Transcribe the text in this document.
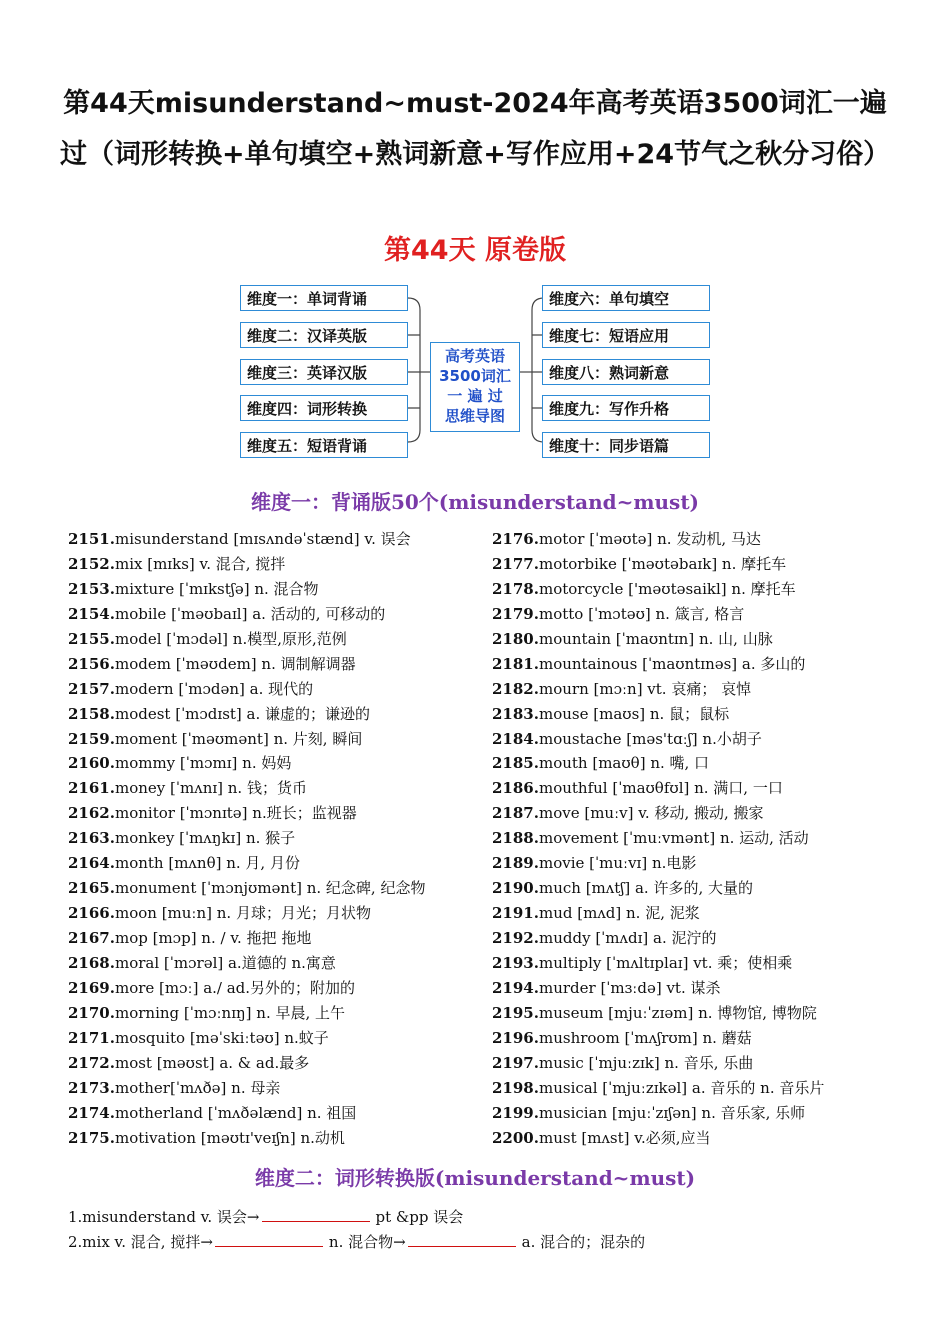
第44天misunderstand~must-2024年高考英语3500词汇一遍过（词形转换+单句填空+熟词新意+写作应用+24节气之秋分习俗）
第44天 原卷版
维度一：单词背诵
维度二：汉译英版
维度三：英译汉版
维度四：词形转换
维度五：短语背诵
维度六：单句填空
维度七：短语应用
维度八：熟词新意
维度九：写作升格
维度十：同步语篇
高考英语
3500词汇
一 遍 过
思维导图
维度一：背诵版50个(misunderstand~must)
2151.misunderstand [mɪsʌndəˈstænd] v. 误会
2152.mix [mɪks] v. 混合, 搅拌
2153.mixture [ˈmɪkstʃə] n. 混合物
2154.mobile [ˈməʊbaɪl] a. 活动的, 可移动的
2155.model [ˈmɔdəl] n.模型,原形,范例
2156.modem [ˈməʊdem] n. 调制解调器
2157.modern [ˈmɔdən] a. 现代的
2158.modest [ˈmɔdɪst] a. 谦虚的；谦逊的
2159.moment [ˈməʊmənt] n. 片刻, 瞬间
2160.mommy [ˈmɔmɪ] n. 妈妈
2161.money [ˈmʌnɪ] n. 钱；货币
2162.monitor [ˈmɔnɪtə] n.班长；监视器
2163.monkey [ˈmʌŋkɪ] n. 猴子
2164.month [mʌnθ] n. 月, 月份
2165.monument [ˈmɔnjʊmənt] n. 纪念碑, 纪念物
2166.moon [muːn] n. 月球；月光；月状物
2167.mop [mɔp] n. / v. 拖把 拖地
2168.moral [ˈmɔrəl] a.道德的 n.寓意
2169.more [mɔː] a./ ad.另外的；附加的
2170.morning [ˈmɔːnɪŋ] n. 早晨, 上午
2171.mosquito [məˈskiːtəʊ] n.蚊子
2172.most [məʊst] a. & ad.最多
2173.mother[ˈmʌðə] n. 母亲
2174.motherland [ˈmʌðəlænd] n. 祖国
2175.motivation [məʊtɪ'veɪʃn] n.动机
2176.motor [ˈməʊtə] n. 发动机, 马达
2177.motorbike [ˈməʊtəbaɪk] n. 摩托车
2178.motorcycle ['məʊtəsaikl] n. 摩托车
2179.motto [ˈmɔtəʊ] n. 箴言, 格言
2180.mountain [ˈmaʊntɪn] n. 山, 山脉
2181.mountainous [ˈmaʊntɪnəs] a. 多山的
2182.mourn [mɔːn] vt. 哀痛； 哀悼
2183.mouse [maʊs] n. 鼠；鼠标
2184.moustache [məs'tɑːʃ] n.小胡子
2185.mouth [maʊθ] n. 嘴, 口
2186.mouthful [ˈmaʊθfʊl] n. 满口, 一口
2187.move [muːv] v. 移动, 搬动, 搬家
2188.movement [ˈmuːvmənt] n. 运动, 活动
2189.movie [ˈmuːvɪ] n.电影
2190.much [mʌtʃ] a. 许多的, 大量的
2191.mud [mʌd] n. 泥, 泥浆
2192.muddy [ˈmʌdɪ] a. 泥泞的
2193.multiply [ˈmʌltɪplaɪ] vt. 乘；使相乘
2194.murder [ˈmɜːdə] vt. 谋杀
2195.museum [mjuːˈzɪəm] n. 博物馆, 博物院
2196.mushroom [ˈmʌʃrʊm] n. 蘑菇
2197.music [ˈmjuːzɪk] n. 音乐, 乐曲
2198.musical [ˈmjuːzɪkəl] a. 音乐的 n. 音乐片
2199.musician [mjuːˈzɪʃən] n. 音乐家, 乐师
2200.must [mʌst] v.必须,应当
维度二：词形转换版(misunderstand~must)
1.misunderstand v. 误会→	pt &pp 误会
2.mix v. 混合, 搅拌→	n. 混合物→	a. 混合的；混杂的
